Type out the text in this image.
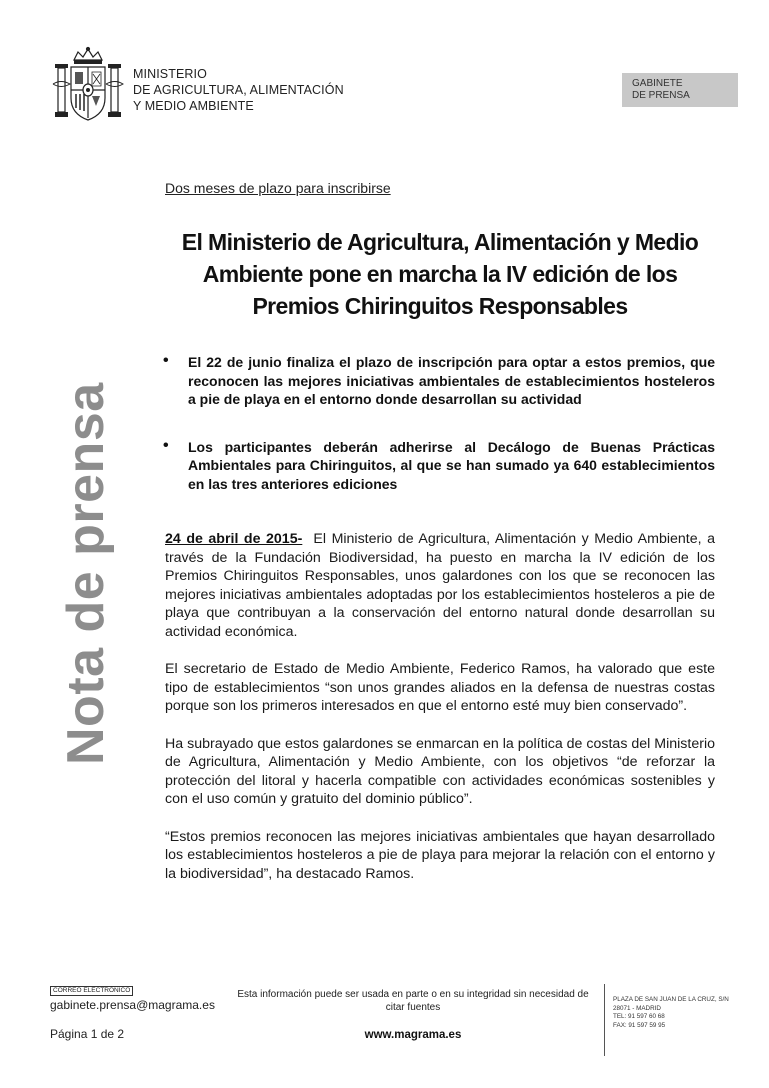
MINISTERIO
DE AGRICULTURA, ALIMENTACIÓN
Y MEDIO AMBIENTE
GABINETE
DE PRENSA
Nota de prensa
Dos meses de plazo para inscribirse
El Ministerio de Agricultura, Alimentación y Medio
Ambiente pone en marcha la IV edición de los
Premios Chiringuitos Responsables
• El 22 de junio finaliza el plazo de inscripción para optar a estos premios, que reconocen las mejores iniciativas ambientales de establecimientos hosteleros a pie de playa en el entorno donde desarrollan su actividad
• Los participantes deberán adherirse al Decálogo de Buenas Prácticas Ambientales para Chiringuitos, al que se han sumado ya 640 establecimientos en las tres anteriores ediciones

24 de abril de 2015- El Ministerio de Agricultura, Alimentación y Medio Ambiente, a través de la Fundación Biodiversidad, ha puesto en marcha la IV edición de los Premios Chiringuitos Responsables, unos galardones con los que se reconocen las mejores iniciativas ambientales adoptadas por los establecimientos hosteleros a pie de playa que contribuyan a la conservación del entorno natural donde desarrollan su actividad económica.

El secretario de Estado de Medio Ambiente, Federico Ramos, ha valorado que este tipo de establecimientos “son unos grandes aliados en la defensa de nuestras costas porque son los primeros interesados en que el entorno esté muy bien conservado”.

Ha subrayado que estos galardones se enmarcan en la política de costas del Ministerio de Agricultura, Alimentación y Medio Ambiente, con los objetivos “de reforzar la protección del litoral y hacerla compatible con actividades económicas sostenibles y con el uso común y gratuito del dominio público”.

“Estos premios reconocen las mejores iniciativas ambientales que hayan desarrollado los establecimientos hosteleros a pie de playa para mejorar la relación con el entorno y la biodiversidad”, ha destacado Ramos.

CORREO ELECTRÓNICO
gabinete.prensa@magrama.es
Página 1 de 2
Esta información puede ser usada en parte o en su integridad sin necesidad de citar fuentes
www.magrama.es
PLAZA DE SAN JUAN DE LA CRUZ, S/N
28071 - MADRID
TEL: 91 597 60 68
FAX: 91 597 59 95
